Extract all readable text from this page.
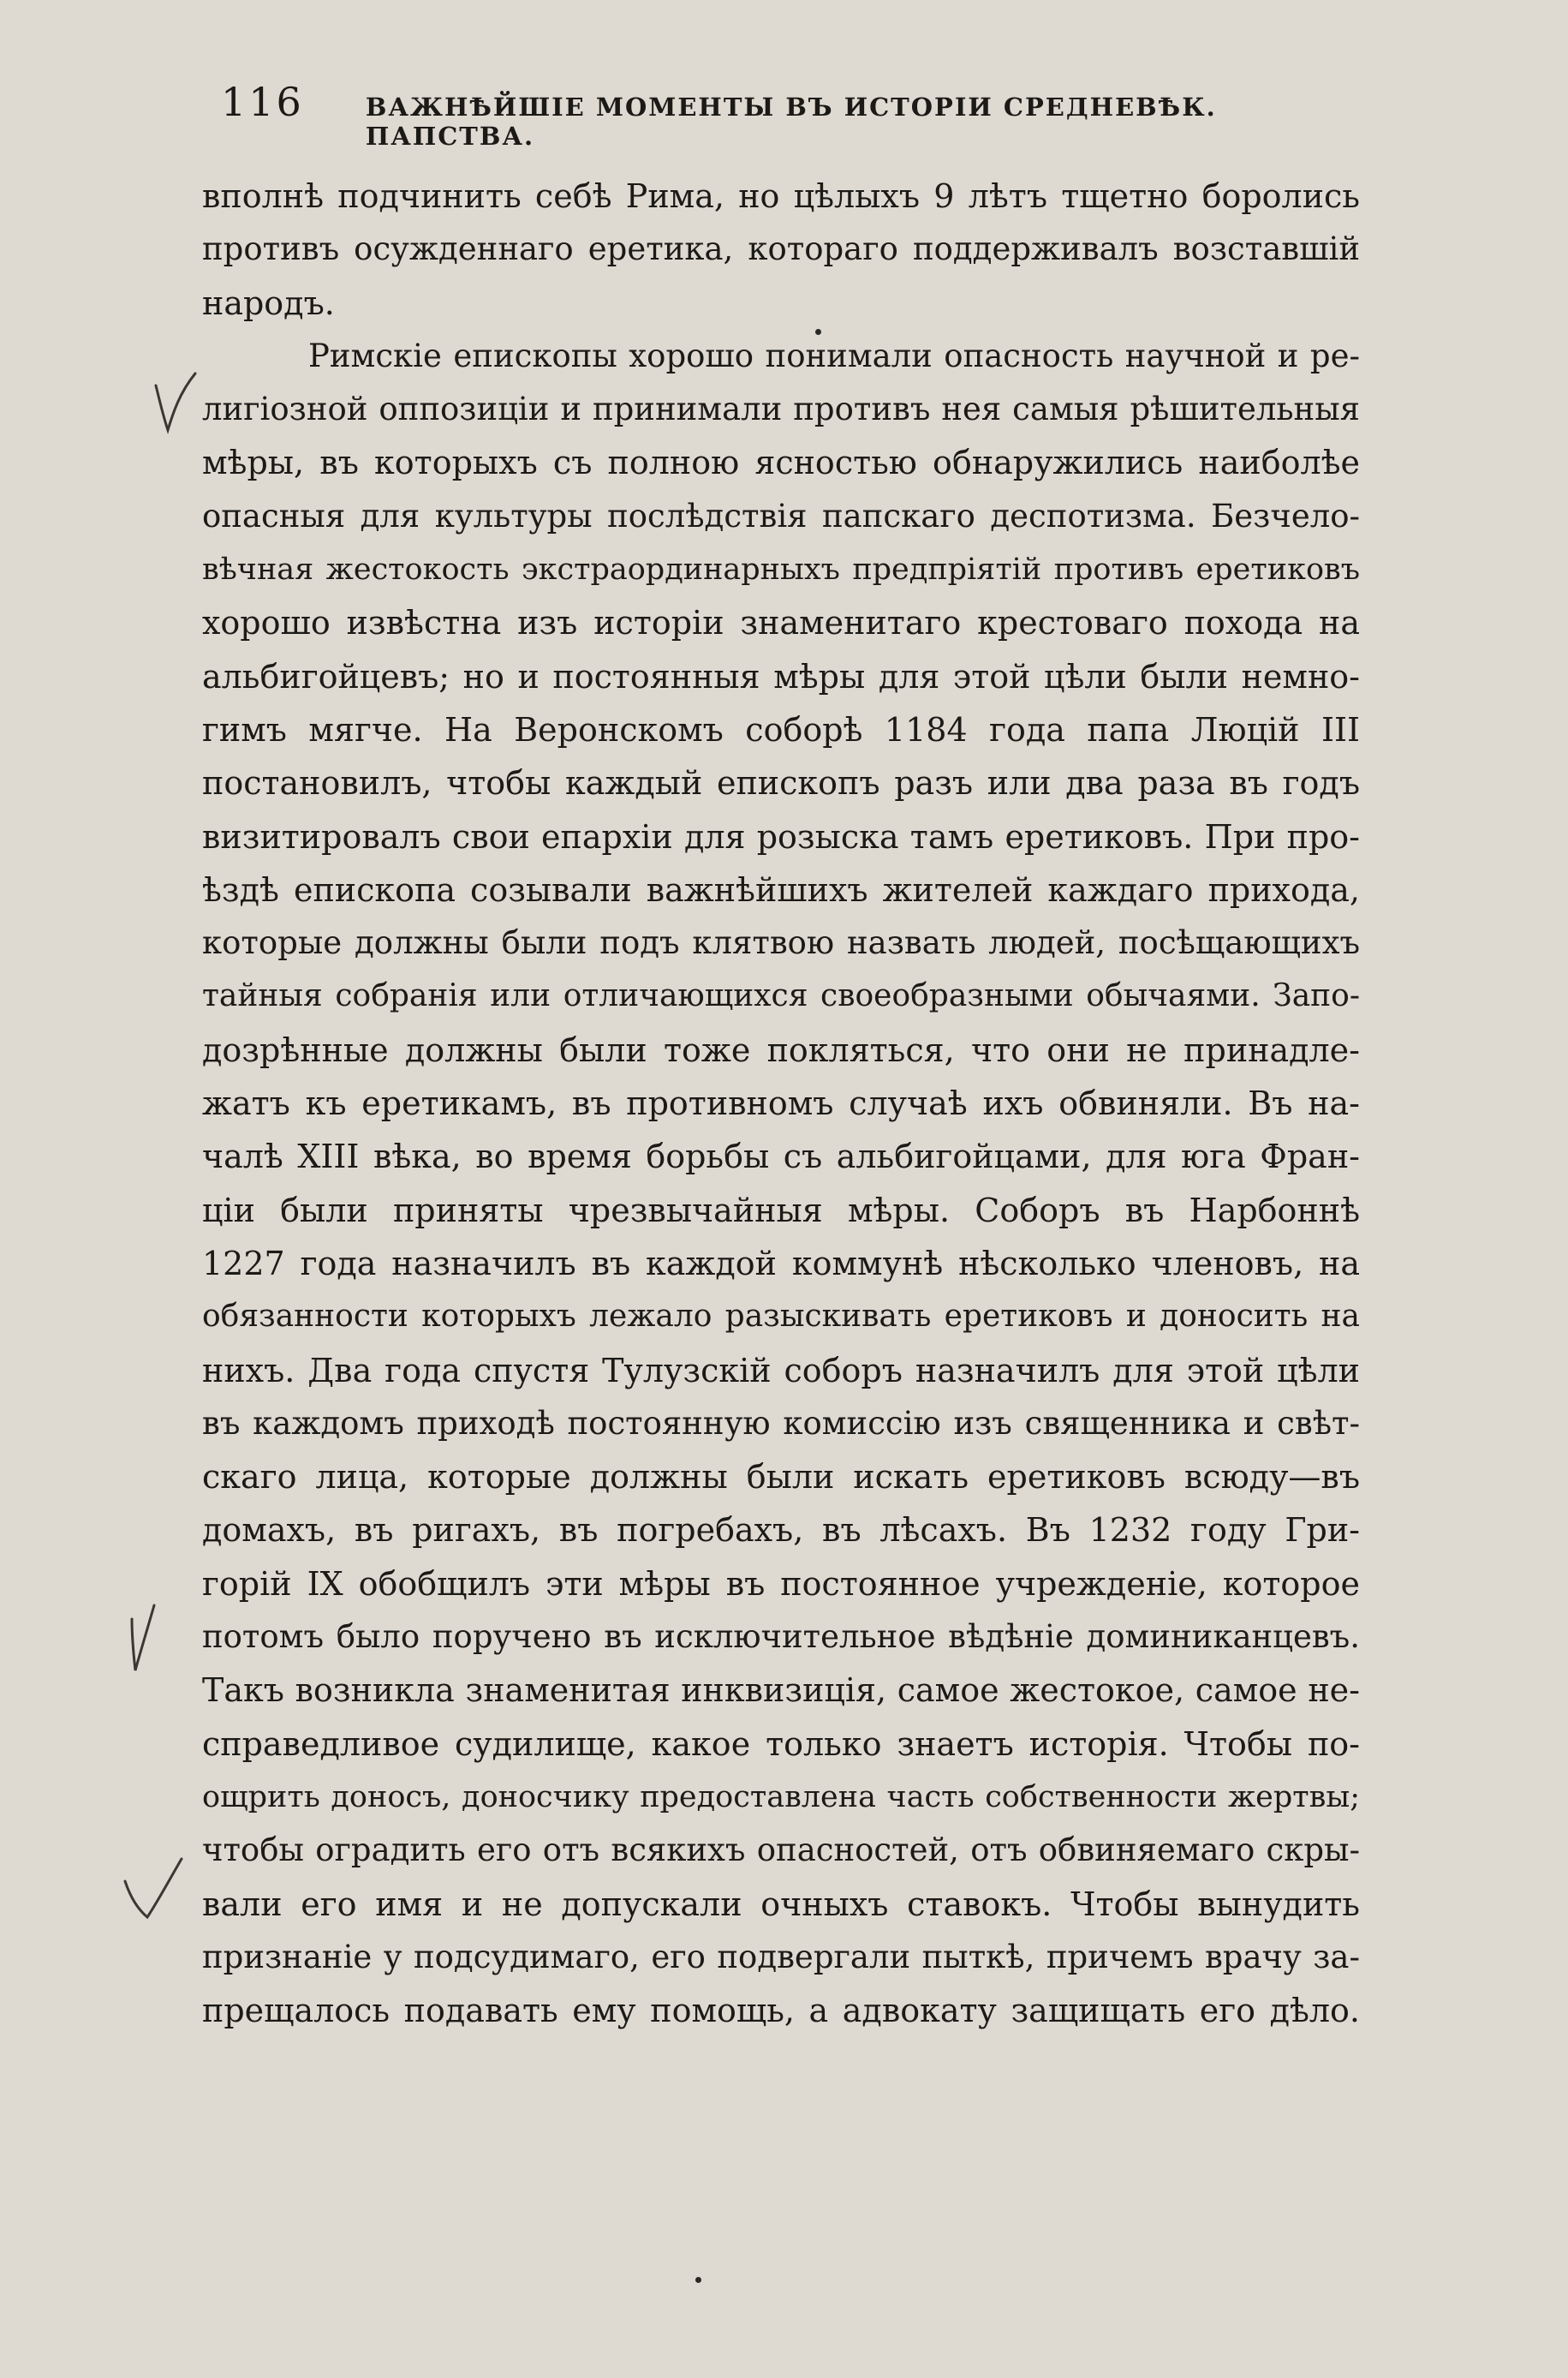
116 ВАЖНѢЙШІЕ МОМЕНТЫ ВЪ ИСТОРІИ СРЕДНЕВѢК. ПАПСТВА.
вполнѣ подчинить себѣ Рима, но цѣлыхъ 9 лѣтъ тщетно боролись
противъ осужденнаго еретика, котораго поддерживалъ возставшій
народъ.
Римскіе епископы хорошо понимали опасность научной и ре-
лигіозной оппозиціи и принимали противъ нея самыя рѣшительныя
мѣры, въ которыхъ съ полною ясностью обнаружились наиболѣе
опасныя для культуры послѣдствія папскаго деспотизма. Безчело-
вѣчная жестокость экстраординарныхъ предпріятій противъ еретиковъ
хорошо извѣстна изъ исторіи знаменитаго крестоваго похода на
альбигойцевъ; но и постоянныя мѣры для этой цѣли были немно-
гимъ мягче. На Веронскомъ соборѣ 1184 года папа Люцій III
постановилъ, чтобы каждый епископъ разъ или два раза въ годъ
визитировалъ свои епархіи для розыска тамъ еретиковъ. При про-
ѣздѣ епископа созывали важнѣйшихъ жителей каждаго прихода,
которые должны были подъ клятвою назвать людей, посѣщающихъ
тайныя собранія или отличающихся своеобразными обычаями. Запо-
дозрѣнные должны были тоже покляться, что они не принадле-
жатъ къ еретикамъ, въ противномъ случаѣ ихъ обвиняли. Въ на-
чалѣ XIII вѣка, во время борьбы съ альбигойцами, для юга Фран-
ціи были приняты чрезвычайныя мѣры. Соборъ въ Нарбоннѣ
1227 года назначилъ въ каждой коммунѣ нѣсколько членовъ, на
обязанности которыхъ лежало разыскивать еретиковъ и доносить на
нихъ. Два года спустя Тулузскій соборъ назначилъ для этой цѣли
въ каждомъ приходѣ постоянную комиссію изъ священника и свѣт-
скаго лица, которые должны были искать еретиковъ всюду—въ
домахъ, въ ригахъ, въ погребахъ, въ лѣсахъ. Въ 1232 году Гри-
горій IX обобщилъ эти мѣры въ постоянное учрежденіе, которое
потомъ было поручено въ исключительное вѣдѣніе доминиканцевъ.
Такъ возникла знаменитая инквизиція, самое жестокое, самое не-
справедливое судилище, какое только знаетъ исторія. Чтобы по-
ощрить доносъ, доносчику предоставлена часть собственности жертвы;
чтобы оградить его отъ всякихъ опасностей, отъ обвиняемаго скры-
вали его имя и не допускали очныхъ ставокъ. Чтобы вынудить
признаніе у подсудимаго, его подвергали пыткѣ, причемъ врачу за-
прещалось подавать ему помощь, а адвокату защищать его дѣло.
